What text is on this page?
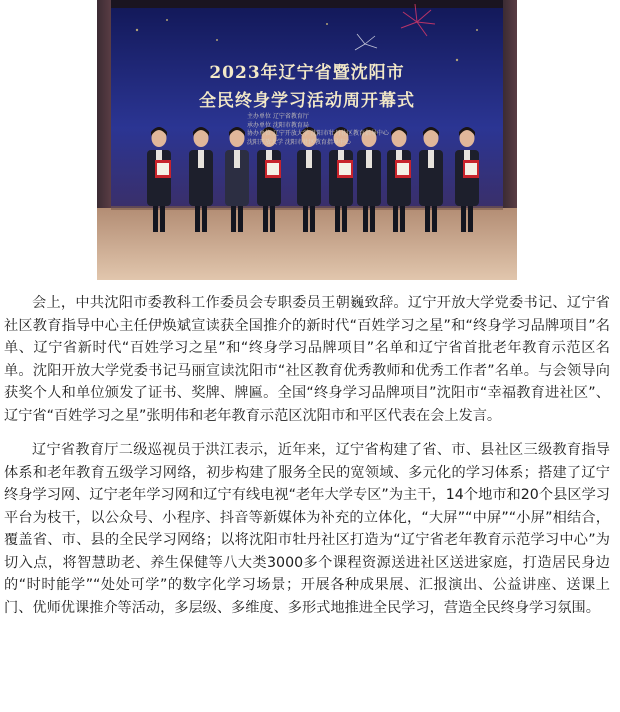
2023年辽宁省暨沈阳市
全民终身学习活动周开幕式
主办单位 辽宁省教育厅
承办单位 沈阳市教育局
协办单位 辽宁开放大学 沈阳市牡丹社区教育指导中心
沈阳开放大学 沈阳市社区教育指导中心

会上，中共沈阳市委教科工作委员会专职委员王朝巍致辞。辽宁开放大学党委书记、辽宁省社区教育指导中心主任伊焕斌宣读获全国推介的新时代“百姓学习之星”和“终身学习品牌项目”名单、辽宁省新时代“百姓学习之星”和“终身学习品牌项目”名单和辽宁省首批老年教育示范区名单。沈阳开放大学党委书记马丽宣读沈阳市“社区教育优秀教师和优秀工作者”名单。与会领导向获奖个人和单位颁发了证书、奖牌、牌匾。全国“终身学习品牌项目”沈阳市“幸福教育进社区”、辽宁省“百姓学习之星”张明伟和老年教育示范区沈阳市和平区代表在会上发言。

辽宁省教育厅二级巡视员于洪江表示，近年来，辽宁省构建了省、市、县社区三级教育指导体系和老年教育五级学习网络，初步构建了服务全民的宽领域、多元化的学习体系；搭建了辽宁终身学习网、辽宁老年学习网和辽宁有线电视“老年大学专区”为主干，14个地市和20个县区学习平台为枝干，以公众号、小程序、抖音等新媒体为补充的立体化，“大屏”“中屏”“小屏”相结合，覆盖省、市、县的全民学习网络；以将沈阳市牡丹社区打造为“辽宁省老年教育示范学习中心”为切入点，将智慧助老、养生保健等八大类3000多个课程资源送进社区送进家庭，打造居民身边的“时时能学”“处处可学”的数字化学习场景；开展各种成果展、汇报演出、公益讲座、送课上门、优师优课推介等活动，多层级、多维度、多形式地推进全民学习，营造全民终身学习氛围。
